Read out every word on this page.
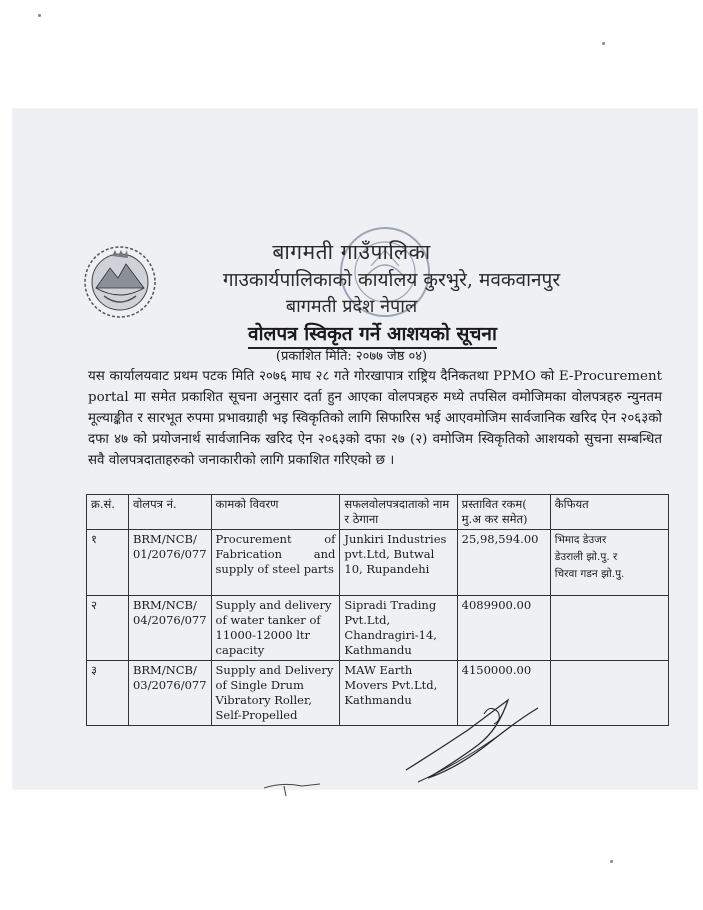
बागमती गाउँपालिका
गाउकार्यपालिकाको कार्यालय कुरभुरे, मवकवानपुर
बागमती प्रदेश नेपाल
वोलपत्र स्विकृत गर्ने आशयको सूचना
(प्रकाशित मिति: २०७७ जेष्ठ ०४)

यस कार्यालयवाट प्रथम पटक मिति २०७६ माघ २८ गते गोरखापात्र राष्ट्रिय दैनिकतथा PPMO को E-Procurement portal मा समेत प्रकाशित सूचना अनुसार दर्ता हुन आएका वोलपत्रहरु मध्ये तपसिल वमोजिमका वोलपत्रहरु न्युनतम मूल्याङ्कीत र सारभूत रुपमा प्रभावग्राही भइ स्विकृतिको लागि सिफारिस भई आएवमोजिम सार्वजानिक खरिद ऐन २०६३को दफा ४७ को प्रयोजनार्थ सार्वजानिक खरिद ऐन २०६३को दफा २७ (२) वमोजिम स्विकृतिको आशयको सुचना सम्बन्धित सवै वोलपत्रदाताहरुको जनाकारीको लागि प्रकाशित गरिएको छ ।

क्र.सं.	वोलपत्र नं.	कामको विवरण	सफलवोलपत्रदाताको नाम र ठेगाना	प्रस्तावित रकम( मु.अ कर समेत)	कैफियत
१	BRM/NCB/ 01/2076/077	Procurement of Fabrication and supply of steel parts	Junkiri Industries pvt.Ltd, Butwal 10, Rupandehi	25,98,594.00	भिमाद डेउजर
डेउराली झो.पु. र
चिरवा गडन झो.पु.

२	BRM/NCB/ 04/2076/077	Supply and delivery of water tanker of 11000-12000 ltr capacity	Sipradi Trading Pvt.Ltd, Chandragiri-14, Kathmandu	4089900.00	

३	BRM/NCB/ 03/2076/077	Supply and Delivery of Single Drum Vibratory Roller, Self-Propelled	MAW Earth Movers Pvt.Ltd, Kathmandu	4150000.00	
